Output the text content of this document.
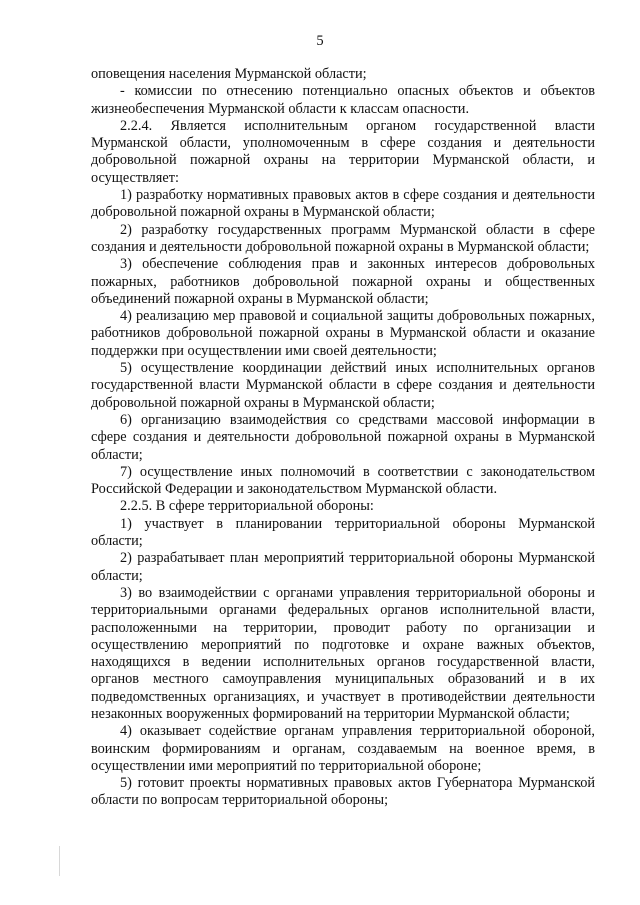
5

оповещения населения Мурманской области;

- комиссии по отнесению потенциально опасных объектов и объектов жизнеобеспечения Мурманской области к классам опасности.

2.2.4. Является исполнительным органом государственной власти Мурманской области, уполномоченным в сфере создания и деятельности добровольной пожарной охраны на территории Мурманской области, и осуществляет:

1) разработку нормативных правовых актов в сфере создания и деятельности добровольной пожарной охраны в Мурманской области;

2) разработку государственных программ Мурманской области в сфере создания и деятельности добровольной пожарной охраны в Мурманской области;

3) обеспечение соблюдения прав и законных интересов добровольных пожарных, работников добровольной пожарной охраны и общественных объединений пожарной охраны в Мурманской области;

4) реализацию мер правовой и социальной защиты добровольных пожарных, работников добровольной пожарной охраны в Мурманской области и оказание поддержки при осуществлении ими своей деятельности;

5) осуществление координации действий иных исполнительных органов государственной власти Мурманской области в сфере создания и деятельности добровольной пожарной охраны в Мурманской области;

6) организацию взаимодействия со средствами массовой информации в сфере создания и деятельности добровольной пожарной охраны в Мурманской области;

7) осуществление иных полномочий в соответствии с законодательством Российской Федерации и законодательством Мурманской области.

2.2.5. В сфере территориальной обороны:

1) участвует в планировании территориальной обороны Мурманской области;

2) разрабатывает план мероприятий территориальной обороны Мурманской области;

3) во взаимодействии с органами управления территориальной обороны и территориальными органами федеральных органов исполнительной власти, расположенными на территории, проводит работу по организации и осуществлению мероприятий по подготовке и охране важных объектов, находящихся в ведении исполнительных органов государственной власти, органов местного самоуправления муниципальных образований и в их подведомственных организациях, и участвует в противодействии деятельности незаконных вооруженных формирований на территории Мурманской области;

4) оказывает содействие органам управления территориальной обороной, воинским формированиям и органам, создаваемым на военное время, в осуществлении ими мероприятий по территориальной обороне;

5) готовит проекты нормативных правовых актов Губернатора Мурманской области по вопросам территориальной обороны;
